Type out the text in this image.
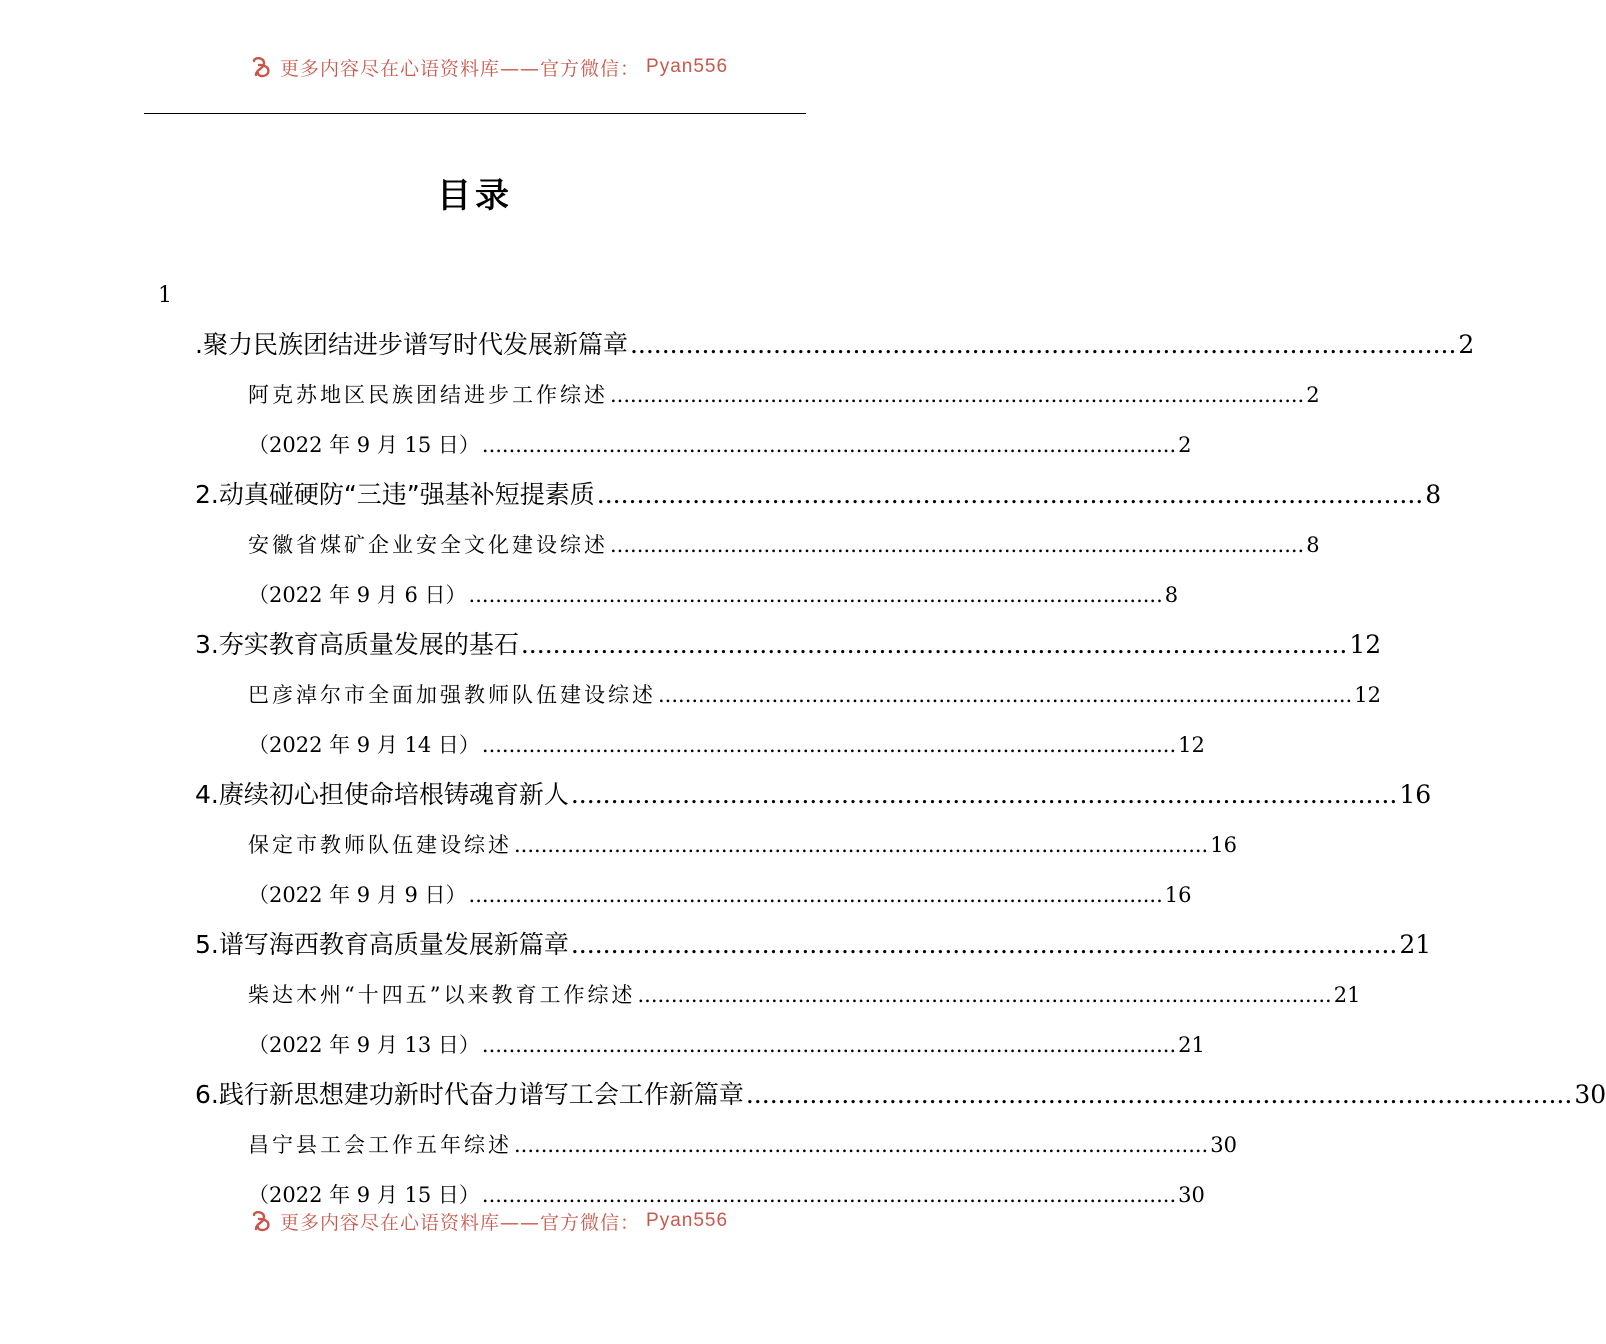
更多内容尽在心语资料库——官方微信： Pyan556
目录
1
.聚力民族团结进步谱写时代发展新篇章 ........................................................................................................ 2
阿克苏地区民族团结进步工作综述 ........................................................................................................ 2
（2022 年 9 月 15 日） ........................................................................................................ 2
2.动真碰硬防“三违”强基补短提素质 ........................................................................................................ 8
安徽省煤矿企业安全文化建设综述 ........................................................................................................ 8
（2022 年 9 月 6 日） ........................................................................................................ 8
3.夯实教育高质量发展的基石 ........................................................................................................ 12
巴彦淖尔市全面加强教师队伍建设综述 ........................................................................................................ 12
（2022 年 9 月 14 日） ........................................................................................................ 12
4.赓续初心担使命培根铸魂育新人 ........................................................................................................ 16
保定市教师队伍建设综述 ........................................................................................................ 16
（2022 年 9 月 9 日） ........................................................................................................ 16
5.谱写海西教育高质量发展新篇章 ........................................................................................................ 21
柴达木州“十四五”以来教育工作综述 ........................................................................................................ 21
（2022 年 9 月 13 日） ........................................................................................................ 21
6.践行新思想建功新时代奋力谱写工会工作新篇章 ........................................................................................................ 30
昌宁县工会工作五年综述 ........................................................................................................ 30
（2022 年 9 月 15 日） ........................................................................................................ 30
更多内容尽在心语资料库——官方微信： Pyan556
